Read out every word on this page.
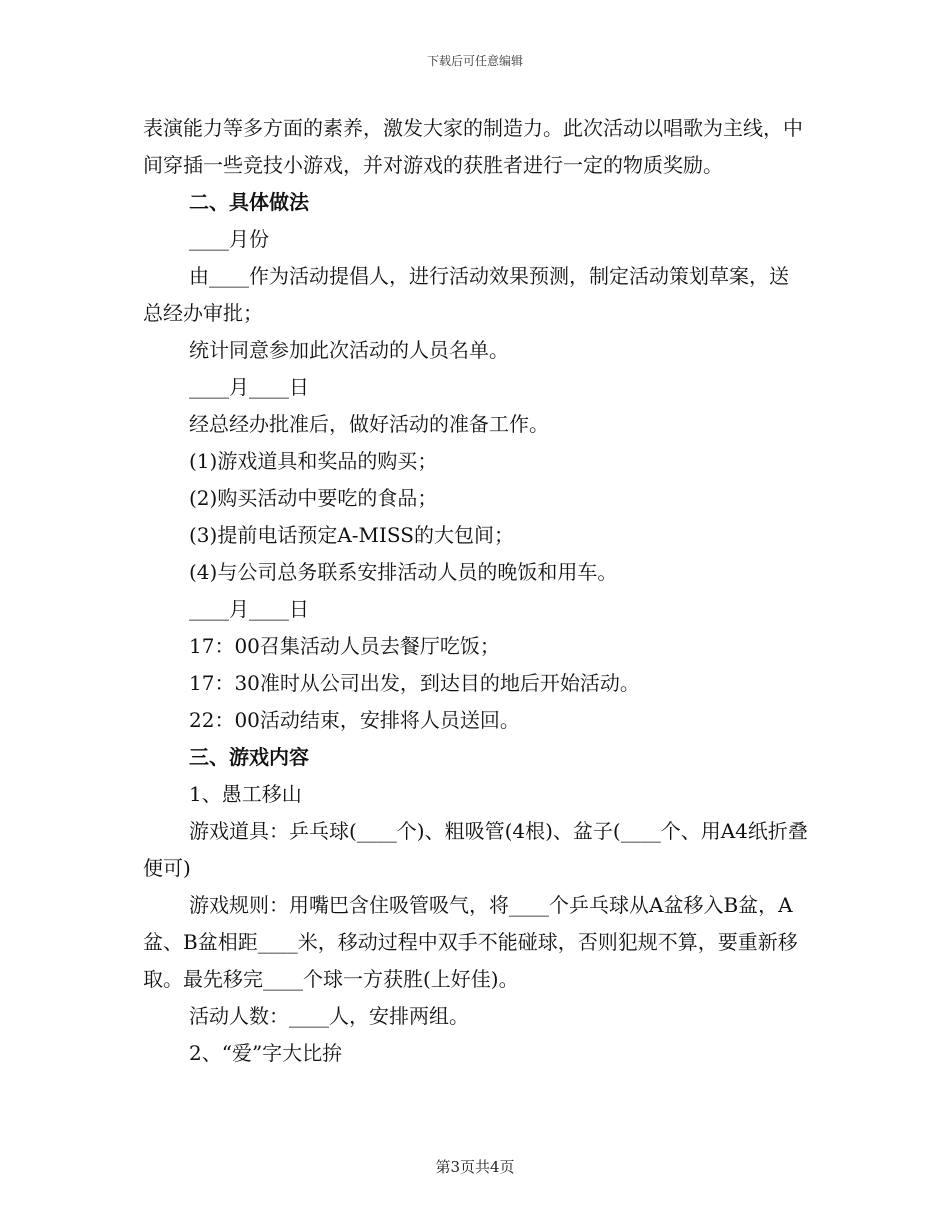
下载后可任意编辑

表演能力等多方面的素养，激发大家的制造力。此次活动以唱歌为主线，中间穿插一些竞技小游戏，并对游戏的获胜者进行一定的物质奖励。

二、具体做法

____月份

由____作为活动提倡人，进行活动效果预测，制定活动策划草案，送总经办审批；

统计同意参加此次活动的人员名单。

____月____日

经总经办批准后，做好活动的准备工作。

(1)游戏道具和奖品的购买；

(2)购买活动中要吃的食品；

(3)提前电话预定A-MISS的大包间；

(4)与公司总务联系安排活动人员的晚饭和用车。

____月____日

17：00召集活动人员去餐厅吃饭；

17：30准时从公司出发，到达目的地后开始活动。

22：00活动结束，安排将人员送回。

三、游戏内容

1、愚工移山

游戏道具：乒乓球(____个)、粗吸管(4根)、盆子(____个、用A4纸折叠便可)

游戏规则：用嘴巴含住吸管吸气，将____个乒乓球从A盆移入B盆，A盆、B盆相距____米，移动过程中双手不能碰球，否则犯规不算，要重新移取。最先移完____个球一方获胜(上好佳)。

活动人数：____人，安排两组。

2、“爱”字大比拚

第3页共4页
